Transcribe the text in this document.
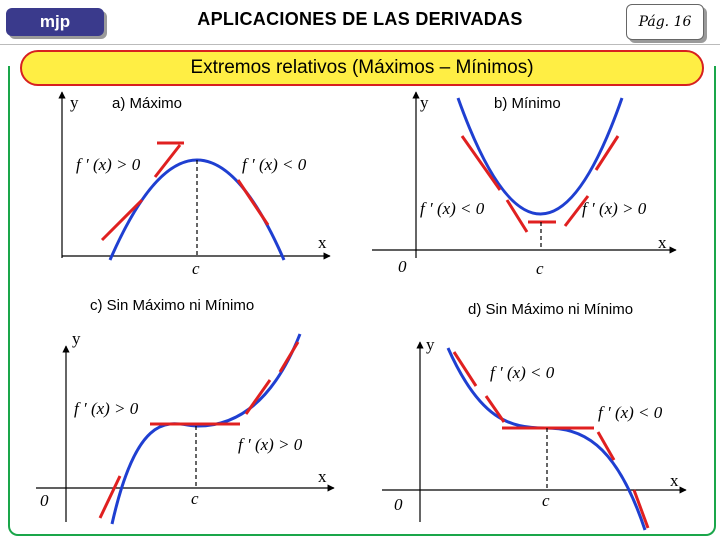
mjp	APLICACIONES DE LAS DERIVADAS	Pág. 16
Extremos relativos (Máximos – Mínimos)
a) Máximo
y
x
c
f ′ (x) > 0	f ′ (x) < 0
b) Mínimo
y
x
0	c
f ′ (x) < 0	f ′ (x) > 0
c) Sin Máximo ni Mínimo
y
x
0	c
f ′ (x) > 0
f ′ (x) > 0
d) Sin Máximo ni Mínimo
y
x
0	c
f ′ (x) < 0
f ′ (x) < 0
